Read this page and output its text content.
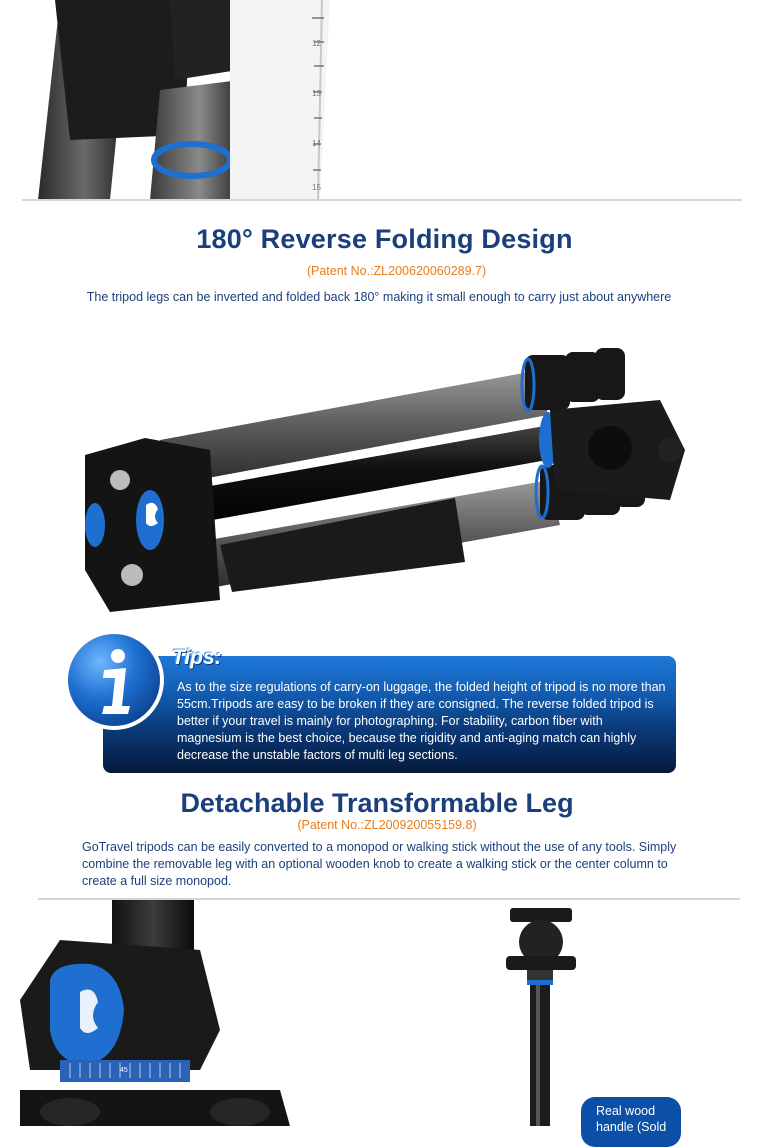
12
13
14
15
180° Reverse Folding Design
(Patent No.:ZL200620060289.7)
The tripod legs can be inverted and folded back 180° making it small enough to carry just about anywhere
Tips:
As to the size regulations of carry-on luggage, the folded height of tripod is no more than 55cm.Tripods are easy to be broken if they are consigned. The reverse folded tripod is better if your travel is mainly for photographing. For stability, carbon fiber with magnesium is the best choice, because the rigidity and anti-aging match can highly decrease the unstable factors of multi leg sections.
Detachable Transformable Leg
(Patent No.:ZL200920055159.8)
GoTravel tripods can be easily converted to a monopod or walking stick without the use of any tools. Simply combine the removable leg with an optional wooden knob to create a walking stick or the center column to create a full size monopod.
45
Real wood handle (Sold
